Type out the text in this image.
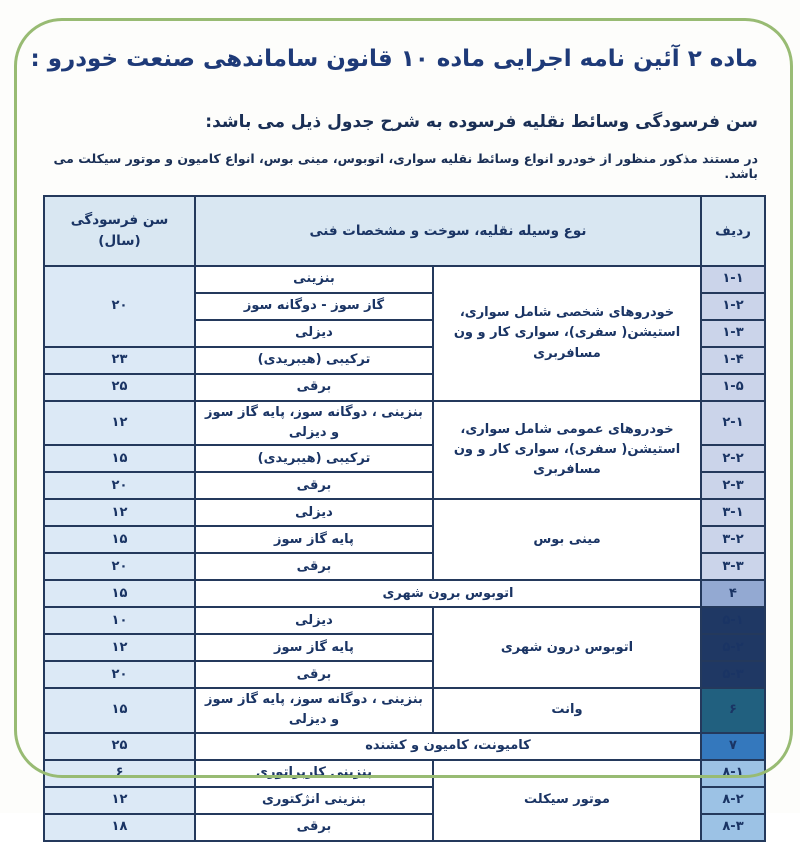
ماده ۲ آئین نامه اجرایی ماده ۱۰ قانون ساماندهی صنعت خودرو :
سن فرسودگی وسائط نقلیه فرسوده به شرح جدول ذیل می باشد:
در مستند مذکور منظور از خودرو انواع وسائط نقلیه سواری، اتوبوس، مینی بوس، انواع کامیون و موتور سیکلت می باشد.
ردیف	نوع وسیله نقلیه، سوخت و مشخصات فنی		سن فرسودگی (سال)
۱-۱	خودروهای شخصی شامل سواری، استیشن( سفری)، سواری کار و ون مسافربری	بنزینی	۲۰
۱-۲		گاز سوز - دوگانه سوز	
۱-۳		دیزلی	
۱-۴		ترکیبی (هیبریدی)	۲۳
۱-۵		برقی	۲۵
۲-۱	خودروهای عمومی شامل سواری، استیشن( سفری)، سواری کار و ون مسافربری	بنزینی ، دوگانه سوز، پایه گاز سوز و دیزلی	۱۲
۲-۲		ترکیبی (هیبریدی)	۱۵
۲-۳		برقی	۲۰
۳-۱	مینی بوس	دیزلی	۱۲
۳-۲		پایه گاز سوز	۱۵
۳-۳		برقی	۲۰
۴	اتوبوس برون شهری		۱۵
۵-۱	اتوبوس درون شهری	دیزلی	۱۰
۵-۲		پایه گاز سوز	۱۲
۵-۳		برقی	۲۰
۶	وانت	بنزینی ، دوگانه سوز، پایه گاز سوز و دیزلی	۱۵
۷	کامیونت، کامیون و کشنده		۲۵
۸-۱	موتور سیکلت	بنزینی کاربراتوری	۶
۸-۲		بنزینی انژکتوری	۱۲
۸-۳		برقی	۱۸
